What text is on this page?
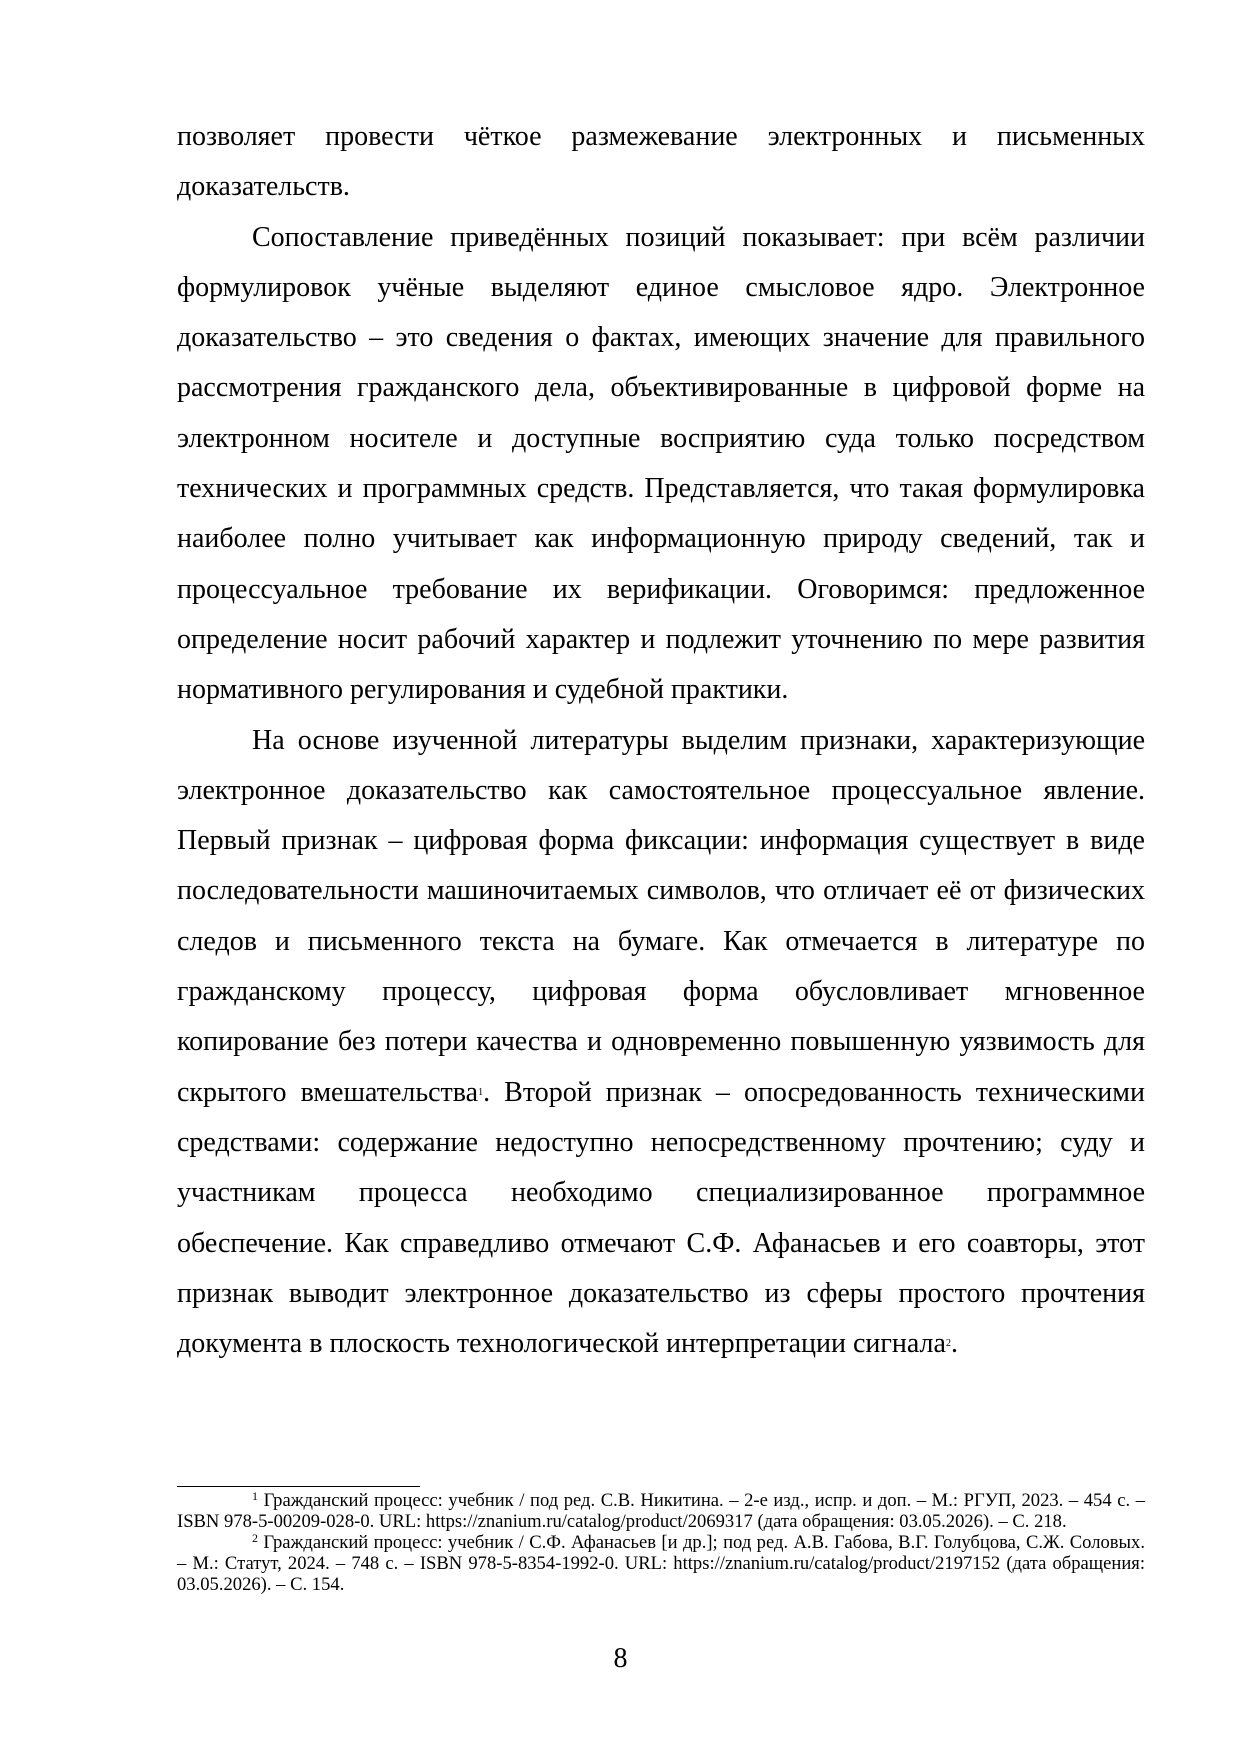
позволяет провести чёткое размежевание электронных и письменных доказательств.

Сопоставление приведённых позиций показывает: при всём различии формулировок учёные выделяют единое смысловое ядро. Электронное доказательство – это сведения о фактах, имеющих значение для правильного рассмотрения гражданского дела, объективированные в цифровой форме на электронном носителе и доступные восприятию суда только посредством технических и программных средств. Представляется, что такая формулировка наиболее полно учитывает как информационную природу сведений, так и процессуальное требование их верификации. Оговоримся: предложенное определение носит рабочий характер и подлежит уточнению по мере развития нормативного регулирования и судебной практики.

На основе изученной литературы выделим признаки, характеризующие электронное доказательство как самостоятельное процессуальное явление. Первый признак – цифровая форма фиксации: информация существует в виде последовательности машиночитаемых символов, что отличает её от физических следов и письменного текста на бумаге. Как отмечается в литературе по гражданскому процессу, цифровая форма обусловливает мгновенное копирование без потери качества и одновременно повышенную уязвимость для скрытого вмешательства$^1$. Второй признак – опосредованность техническими средствами: содержание недоступно непосредственному прочтению; суду и участникам процесса необходимо специализированное программное обеспечение. Как справедливо отмечают С.Ф. Афанасьев и его соавторы, этот признак выводит электронное доказательство из сферы простого прочтения документа в плоскость технологической интерпретации сигнала$^2$.

$^1$ Гражданский процесс: учебник / под ред. С.В. Никитина. – 2-е изд., испр. и доп. – М.: РГУП, 2023. – 454 с. – ISBN 978-5-00209-028-0. URL: https://znanium.ru/catalog/product/2069317 (дата обращения: 03.05.2026). – С. 218.

$^2$ Гражданский процесс: учебник / С.Ф. Афанасьев [и др.]; под ред. А.В. Габова, В.Г. Голубцова, С.Ж. Соловых. – М.: Статут, 2024. – 748 с. – ISBN 978-5-8354-1992-0. URL: https://znanium.ru/catalog/product/2197152 (дата обращения: 03.05.2026). – С. 154.

8
